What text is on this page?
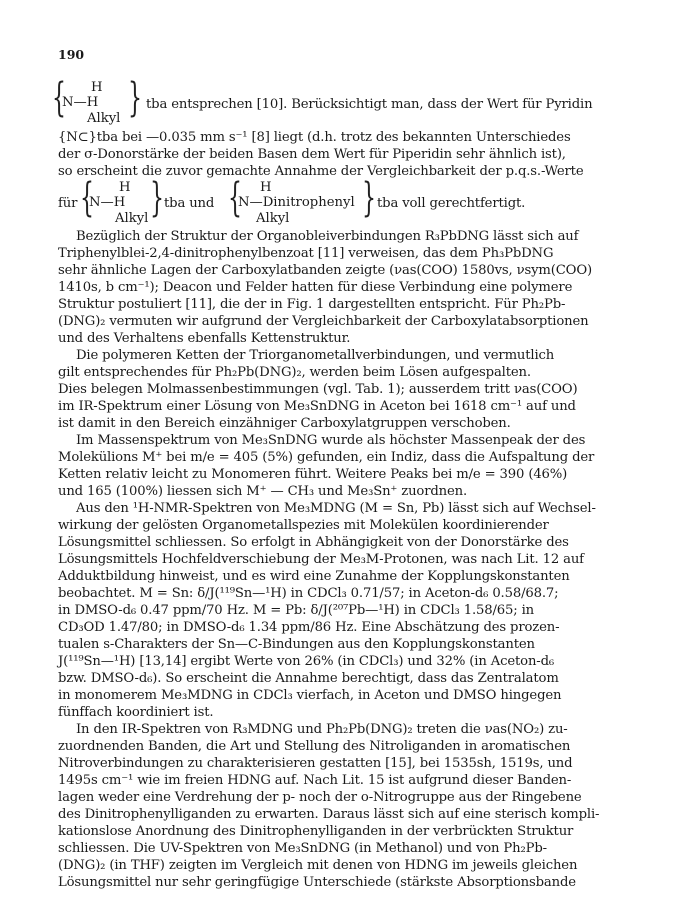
190
{ H
N—H
Alkyl } tba entsprechen [10]. Berücksichtigt man, dass der Wert für Pyridin
{N⊂}tba bei —0.035 mm s⁻¹ [8] liegt (d.h. trotz des bekannten Unterschiedes
der σ-Donorstärke der beiden Basen dem Wert für Piperidin sehr ähnlich ist),
so erscheint die zuvor gemachte Annahme der Vergleichbarkeit der p.q.s.-Werte
für { H
N—H
Alkyl } tba und { H
N—Dinitrophenyl
Alkyl } tba voll gerechtfertigt.
Bezüglich der Struktur der Organobleiverbindungen R₃PbDNG lässt sich auf
Triphenylblei-2,4-dinitrophenylbenzoat [11] verweisen, das dem Ph₃PbDNG
sehr ähnliche Lagen der Carboxylatbanden zeigte (νas(COO) 1580vs, νsym(COO)
1410s, b cm⁻¹); Deacon und Felder hatten für diese Verbindung eine polymere
Struktur postuliert [11], die der in Fig. 1 dargestellten entspricht. Für Ph₂Pb-
(DNG)₂ vermuten wir aufgrund der Vergleichbarkeit der Carboxylatabsorptionen
und des Verhaltens ebenfalls Kettenstruktur.
Die polymeren Ketten der Triorganometallverbindungen, und vermutlich
gilt entsprechendes für Ph₂Pb(DNG)₂, werden beim Lösen aufgespalten.
Dies belegen Molmassenbestimmungen (vgl. Tab. 1); ausserdem tritt νas(COO)
im IR-Spektrum einer Lösung von Me₃SnDNG in Aceton bei 1618 cm⁻¹ auf und
ist damit in den Bereich einzähniger Carboxylatgruppen verschoben.
Im Massenspektrum von Me₃SnDNG wurde als höchster Massenpeak der des
Molekülions M⁺ bei m/e = 405 (5%) gefunden, ein Indiz, dass die Aufspaltung der
Ketten relativ leicht zu Monomeren führt. Weitere Peaks bei m/e = 390 (46%)
und 165 (100%) liessen sich M⁺ — CH₃ und Me₃Sn⁺ zuordnen.
Aus den ¹H-NMR-Spektren von Me₃MDNG (M = Sn, Pb) lässt sich auf Wechsel-
wirkung der gelösten Organometallspezies mit Molekülen koordinierender
Lösungsmittel schliessen. So erfolgt in Abhängigkeit von der Donorstärke des
Lösungsmittels Hochfeldverschiebung der Me₃M-Protonen, was nach Lit. 12 auf
Adduktbildung hinweist, und es wird eine Zunahme der Kopplungskonstanten
beobachtet. M = Sn: δ/J(¹¹⁹Sn—¹H) in CDCl₃ 0.71/57; in Aceton-d₆ 0.58/68.7;
in DMSO-d₆ 0.47 ppm/70 Hz. M = Pb: δ/J(²⁰⁷Pb—¹H) in CDCl₃ 1.58/65; in
CD₃OD 1.47/80; in DMSO-d₆ 1.34 ppm/86 Hz. Eine Abschätzung des prozen-
tualen s-Charakters der Sn—C-Bindungen aus den Kopplungskonstanten
J(¹¹⁹Sn—¹H) [13,14] ergibt Werte von 26% (in CDCl₃) und 32% (in Aceton-d₆
bzw. DMSO-d₆). So erscheint die Annahme berechtigt, dass das Zentralatom
in monomerem Me₃MDNG in CDCl₃ vierfach, in Aceton und DMSO hingegen
fünffach koordiniert ist.
In den IR-Spektren von R₃MDNG und Ph₂Pb(DNG)₂ treten die νas(NO₂) zu-
zuordnenden Banden, die Art und Stellung des Nitroliganden in aromatischen
Nitroverbindungen zu charakterisieren gestatten [15], bei 1535sh, 1519s, und
1495s cm⁻¹ wie im freien HDNG auf. Nach Lit. 15 ist aufgrund dieser Banden-
lagen weder eine Verdrehung der p- noch der o-Nitrogruppe aus der Ringebene
des Dinitrophenylliganden zu erwarten. Daraus lässt sich auf eine sterisch kompli-
kationslose Anordnung des Dinitrophenylliganden in der verbrückten Struktur
schliessen. Die UV-Spektren von Me₃SnDNG (in Methanol) und von Ph₂Pb-
(DNG)₂ (in THF) zeigten im Vergleich mit denen von HDNG im jeweils gleichen
Lösungsmittel nur sehr geringfügige Unterschiede (stärkste Absorptionsbande
